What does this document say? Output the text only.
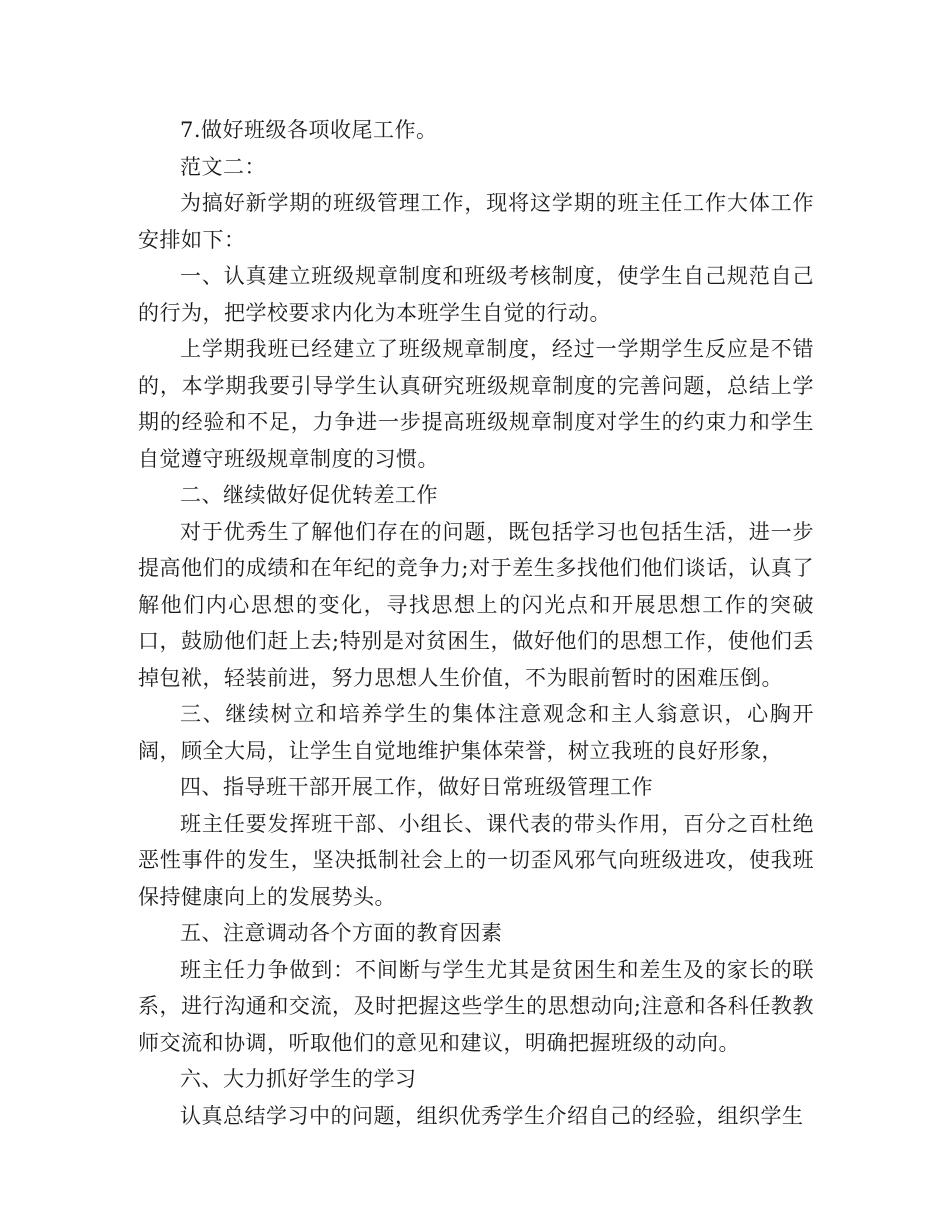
7.做好班级各项收尾工作。

范文二：

为搞好新学期的班级管理工作，现将这学期的班主任工作大体工作安排如下：

一、认真建立班级规章制度和班级考核制度，使学生自己规范自己的行为，把学校要求内化为本班学生自觉的行动。

上学期我班已经建立了班级规章制度，经过一学期学生反应是不错的，本学期我要引导学生认真研究班级规章制度的完善问题，总结上学期的经验和不足，力争进一步提高班级规章制度对学生的约束力和学生自觉遵守班级规章制度的习惯。

二、继续做好促优转差工作

对于优秀生了解他们存在的问题，既包括学习也包括生活，进一步提高他们的成绩和在年纪的竞争力;对于差生多找他们他们谈话，认真了解他们内心思想的变化，寻找思想上的闪光点和开展思想工作的突破口，鼓励他们赶上去;特别是对贫困生，做好他们的思想工作，使他们丢掉包袱，轻装前进，努力思想人生价值，不为眼前暂时的困难压倒。

三、继续树立和培养学生的集体注意观念和主人翁意识，心胸开阔，顾全大局，让学生自觉地维护集体荣誉，树立我班的良好形象，

四、指导班干部开展工作，做好日常班级管理工作

班主任要发挥班干部、小组长、课代表的带头作用，百分之百杜绝恶性事件的发生，坚决抵制社会上的一切歪风邪气向班级进攻，使我班保持健康向上的发展势头。

五、注意调动各个方面的教育因素

班主任力争做到：不间断与学生尤其是贫困生和差生及的家长的联系，进行沟通和交流，及时把握这些学生的思想动向;注意和各科任教教师交流和协调，听取他们的意见和建议，明确把握班级的动向。

六、大力抓好学生的学习

认真总结学习中的问题，组织优秀学生介绍自己的经验，组织学生
